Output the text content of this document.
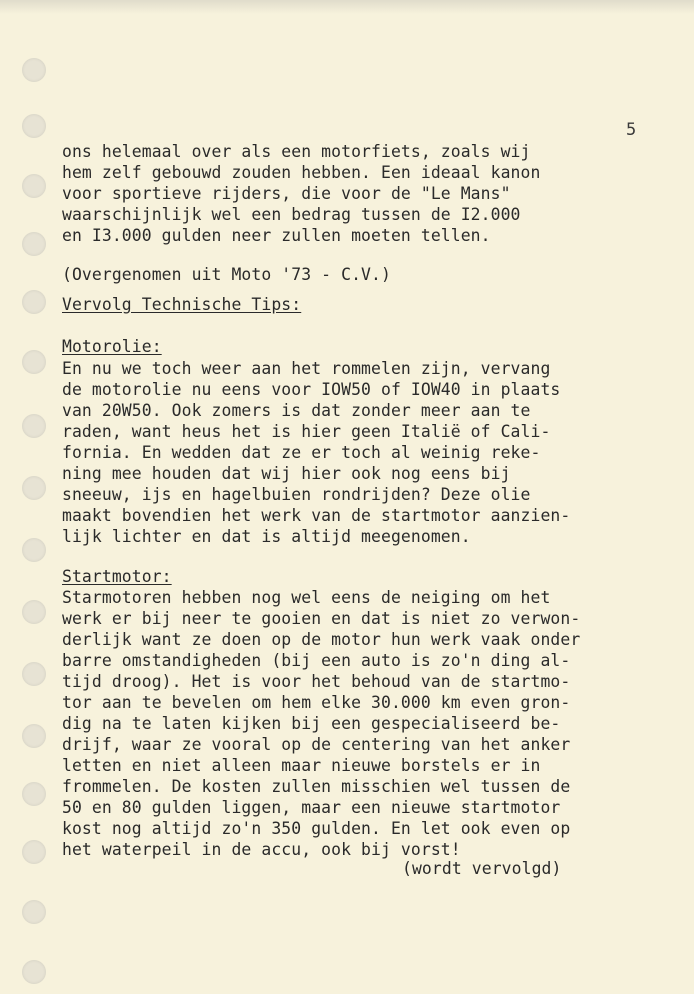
5
ons helemaal over als een motorfiets, zoals wij
hem zelf gebouwd zouden hebben. Een ideaal kanon
voor sportieve rijders, die voor de "Le Mans"
waarschijnlijk wel een bedrag tussen de I2.000
en I3.000 gulden neer zullen moeten tellen.
(Overgenomen uit Moto '73 - C.V.)
Vervolg Technische Tips:
Motorolie:
En nu we toch weer aan het rommelen zijn, vervang
de motorolie nu eens voor IOW50 of IOW40 in plaats
van 20W50. Ook zomers is dat zonder meer aan te
raden, want heus het is hier geen Italië of Cali-
fornia. En wedden dat ze er toch al weinig reke-
ning mee houden dat wij hier ook nog eens bij
sneeuw, ijs en hagelbuien rondrijden? Deze olie
maakt bovendien het werk van de startmotor aanzien-
lijk lichter en dat is altijd meegenomen.
Startmotor:
Starmotoren hebben nog wel eens de neiging om het
werk er bij neer te gooien en dat is niet zo verwon-
derlijk want ze doen op de motor hun werk vaak onder
barre omstandigheden (bij een auto is zo'n ding al-
tijd droog). Het is voor het behoud van de startmo-
tor aan te bevelen om hem elke 30.000 km even gron-
dig na te laten kijken bij een gespecialiseerd be-
drijf, waar ze vooral op de centering van het anker
letten en niet alleen maar nieuwe borstels er in
frommelen. De kosten zullen misschien wel tussen de
50 en 80 gulden liggen, maar een nieuwe startmotor
kost nog altijd zo'n 350 gulden. En let ook even op
het waterpeil in de accu, ook bij vorst!
(wordt vervolgd)
